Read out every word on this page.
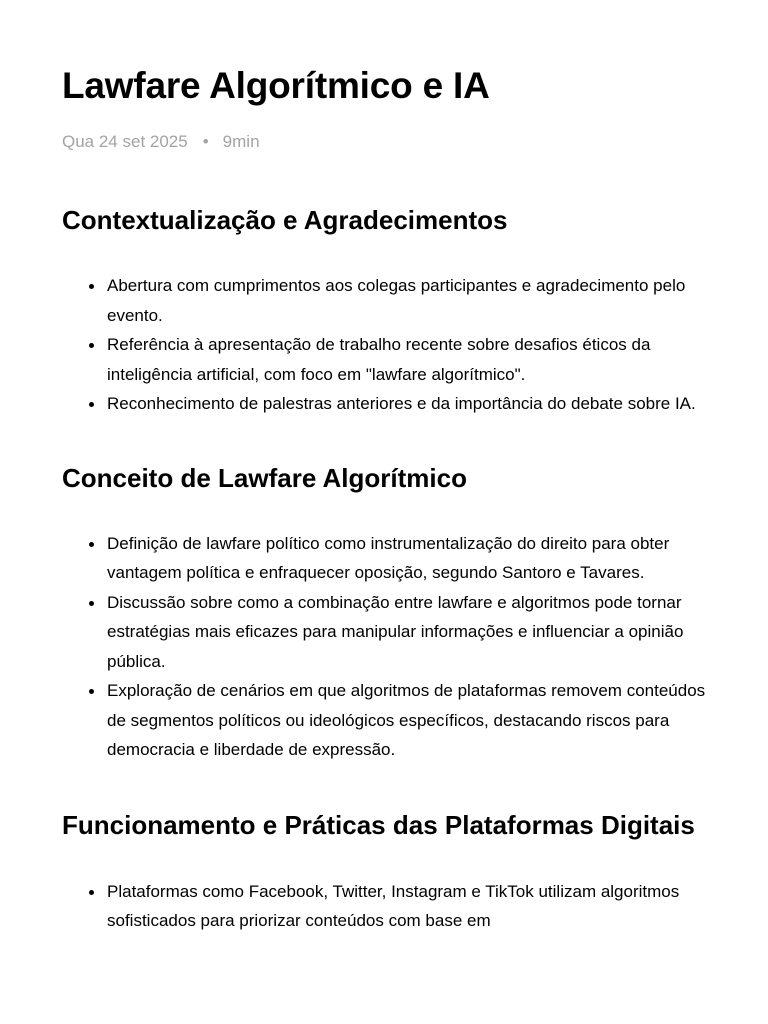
Lawfare Algorítmico e IA
Qua 24 set 2025 • 9min
Contextualização e Agradecimentos
Abertura com cumprimentos aos colegas participantes e agradecimento pelo evento.
Referência à apresentação de trabalho recente sobre desafios éticos da inteligência artificial, com foco em "lawfare algorítmico".
Reconhecimento de palestras anteriores e da importância do debate sobre IA.
Conceito de Lawfare Algorítmico
Definição de lawfare político como instrumentalização do direito para obter vantagem política e enfraquecer oposição, segundo Santoro e Tavares.
Discussão sobre como a combinação entre lawfare e algoritmos pode tornar estratégias mais eficazes para manipular informações e influenciar a opinião pública.
Exploração de cenários em que algoritmos de plataformas removem conteúdos de segmentos políticos ou ideológicos específicos, destacando riscos para democracia e liberdade de expressão.
Funcionamento e Práticas das Plataformas Digitais
Plataformas como Facebook, Twitter, Instagram e TikTok utilizam algoritmos sofisticados para priorizar conteúdos com base em
